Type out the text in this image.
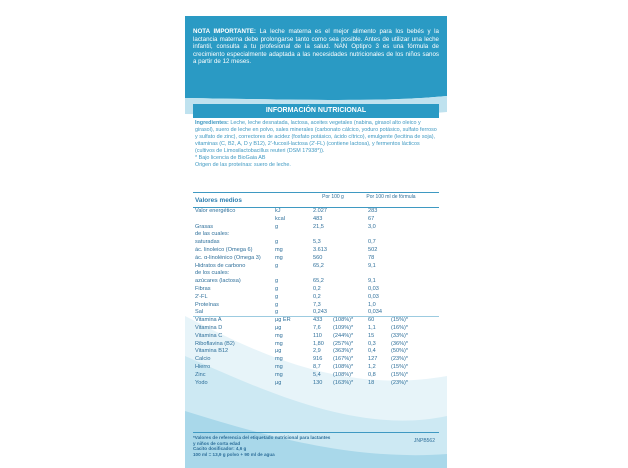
NOTA IMPORTANTE: La leche materna es el mejor alimento para los bebés y la lactancia materna debe prolongarse tanto como sea posible. Antes de utilizar una leche infantil, consulta a tu profesional de la salud. NAN Optipro 3 es una fórmula de crecimiento especialmente adaptada a las necesidades nutricionales de los niños sanos a partir de 12 meses.
INFORMACIÓN NUTRICIONAL

Ingredientes: Leche, leche desnatada, lactosa, aceites vegetales (nabina, girasol alto oleico y girasol), suero de leche en polvo, sales minerales (carbonato cálcico, yoduro potásico, sulfato ferroso y sulfato de zinc), correctores de acidez (fosfato potásico, ácido cítrico), emulgente (lecitina de soja), vitaminas (C, B2, A, D y B12), 2'-fucosil-lactosa (2'-FL) (contiene lactosa), y fermentos lácticos (cultivos de Limosilactobacillus reuteri (DSM 17938*)).

* Bajo licencia de BioGaia AB

Origen de las proteínas: suero de leche.

Valores medios	Por 100 g	Por 100 ml de fórmula
Valor energético	kJ	2.027	283
kcal	483	67
Grasas	g	21,5	3,0
de las cuales:
saturadas	g	5,3	0,7
ác. linoleico (Omega 6)	mg	3.613	502
ác. α-linolénico (Omega 3)	mg	560	78
Hidratos de carbono	g	65,2	9,1
de los cuales:
azúcares (lactosa)	g	65,2	9,1
Fibras	g	0,2	0,03
2'-FL	g	0,2	0,03
Proteínas	g	7,3	1,0
Sal	g	0,243	0,034
Vitamina A	µg ER	433 (108%)*	60	(15%)*
Vitamina D	µg	7,6 (109%)*	1,1	(16%)*
Vitamina C	mg	110 (244%)*	15	(33%)*
Riboflavina (B2)	mg	1,80 (257%)*	0,3	(36%)*
Vitamina B12	µg	2,9 (363%)*	0,4	(50%)*
Calcio	mg	916 (167%)*	127 (23%)*
Hierro	mg	8,7 (108%)*	1,2	(15%)*
Zinc	mg	5,4 (108%)*	0,8	(15%)*
Yodo	µg	130 (163%)*	18	(23%)*
*Valores de referencia del etiquetado nutricional para lactantes
y niños de corta edad
Cacito dosificador: 4,6 g
100 ml = 13,9 g polvo + 90 ml de agua
JNPB562
